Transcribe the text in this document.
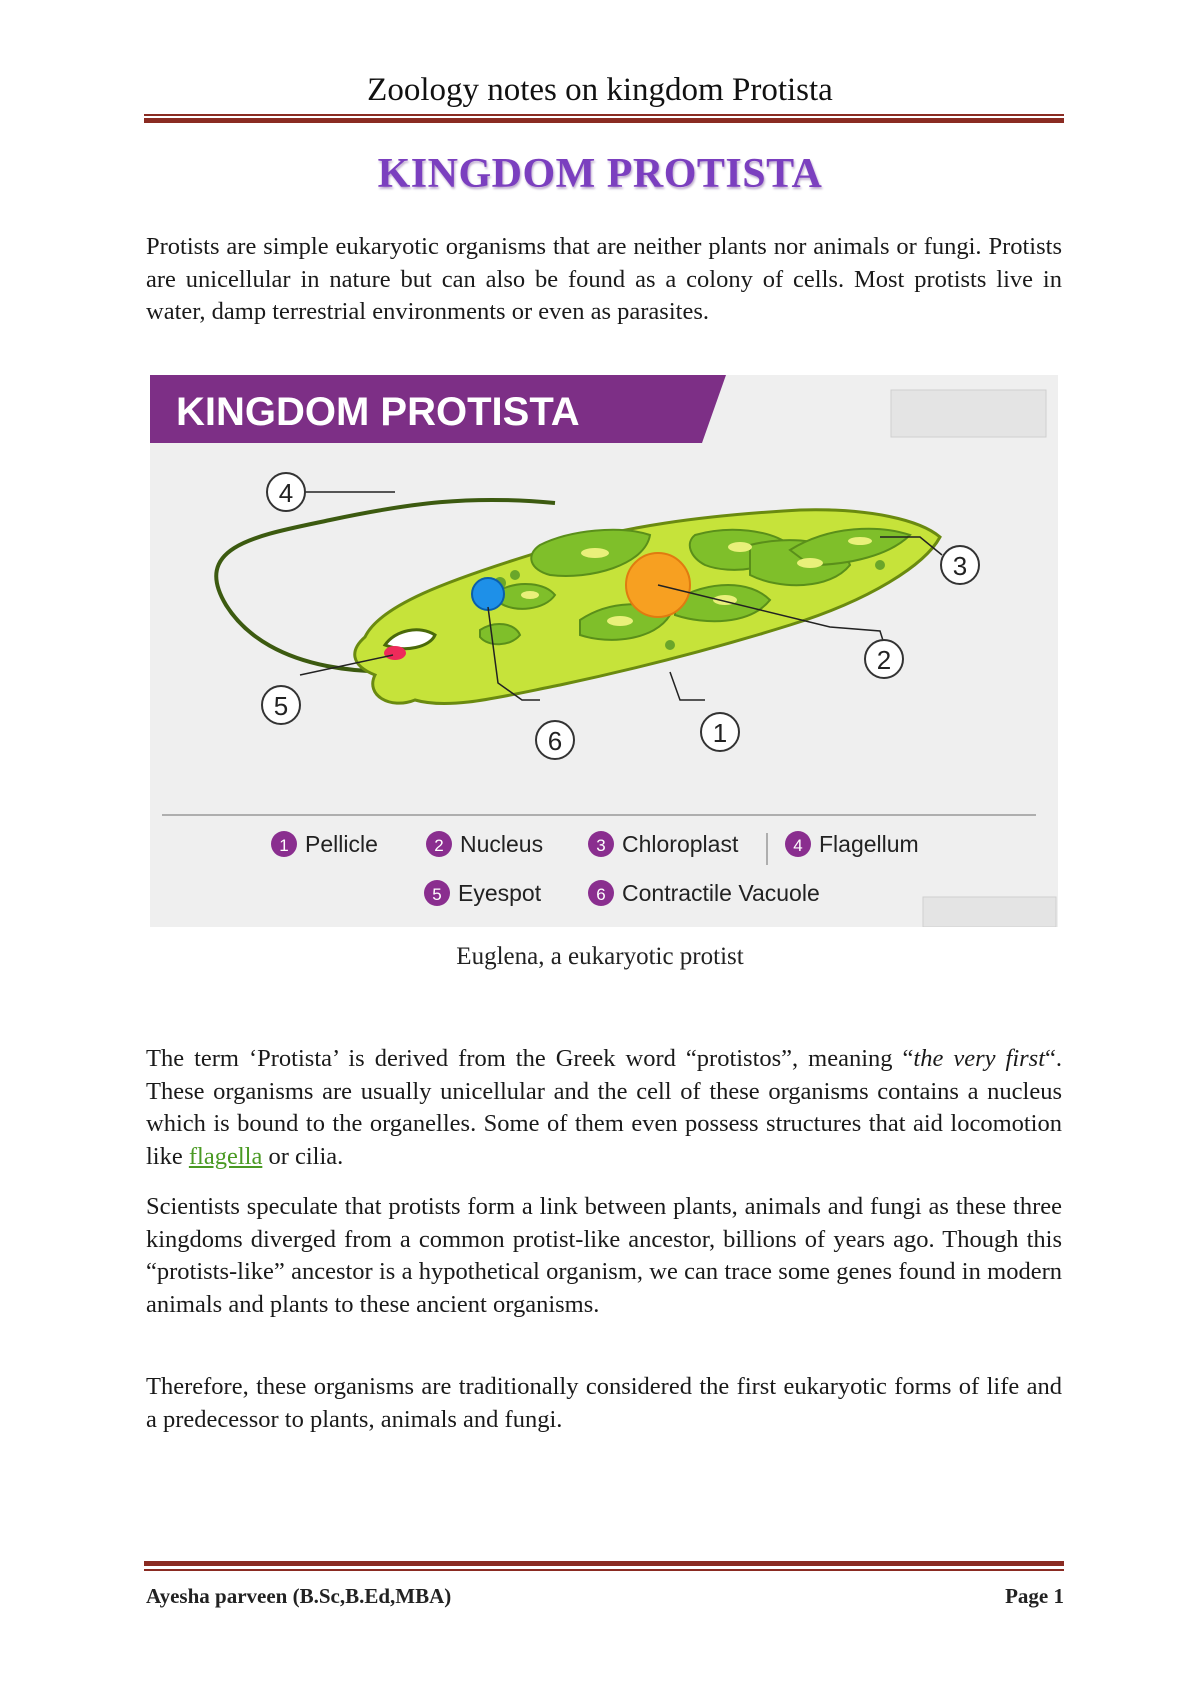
Zoology notes on kingdom Protista
KINGDOM PROTISTA
Protists are simple eukaryotic organisms that are neither plants nor animals or fungi. Protists are unicellular in nature but can also be found as a colony of cells. Most protists live in water, damp terrestrial environments or even as parasites.
KINGDOM PROTISTA
4
3
2
5
6	1
1 Pellicle	2 Nucleus	3 Chloroplast	4 Flagellum
5 Eyespot	6 Contractile Vacuole
Euglena, a eukaryotic protist
The term ‘Protista’ is derived from the Greek word “protistos”, meaning “the very first“. These organisms are usually unicellular and the cell of these organisms contains a nucleus which is bound to the organelles. Some of them even possess structures that aid locomotion like flagella or cilia.
Scientists speculate that protists form a link between plants, animals and fungi as these three kingdoms diverged from a common protist-like ancestor, billions of years ago. Though this “protists-like” ancestor is a hypothetical organism, we can trace some genes found in modern animals and plants to these ancient organisms.
Therefore, these organisms are traditionally considered the first eukaryotic forms of life and a predecessor to plants, animals and fungi.
Ayesha parveen (B.Sc,B.Ed,MBA)	Page 1
